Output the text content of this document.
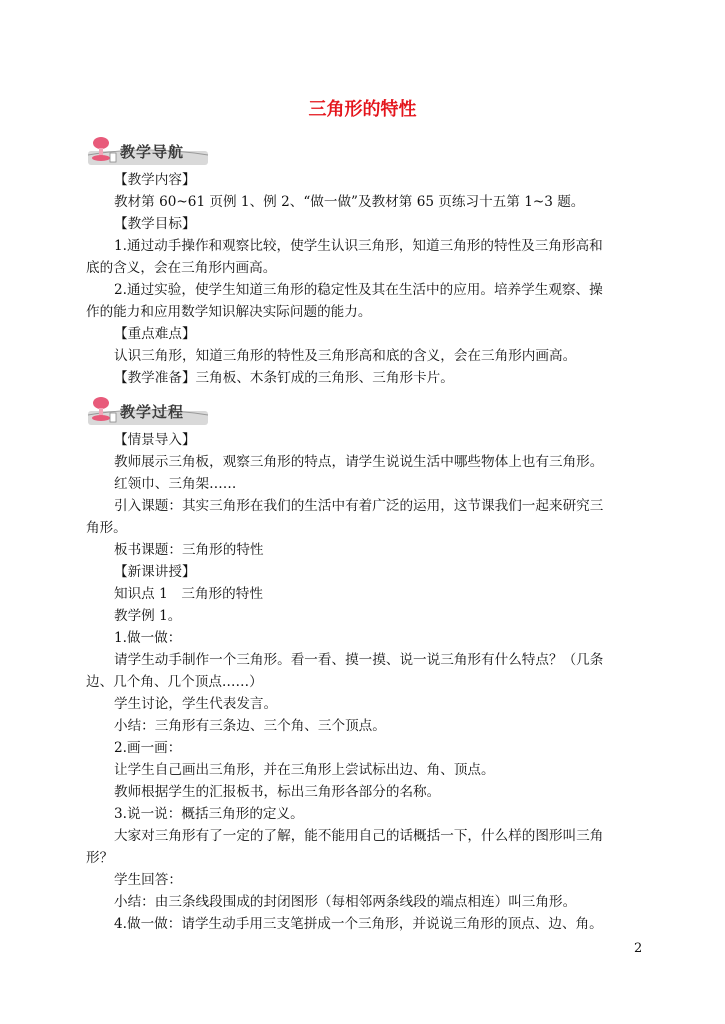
三角形的特性
教学导航
教学过程
【教学内容】
教材第 60~61 页例 1、例 2、“做一做”及教材第 65 页练习十五第 1~3 题。
【教学目标】
1.通过动手操作和观察比较，使学生认识三角形，知道三角形的特性及三角形高和
底的含义，会在三角形内画高。
2.通过实验，使学生知道三角形的稳定性及其在生活中的应用。培养学生观察、操
作的能力和应用数学知识解决实际问题的能力。
【重点难点】
认识三角形，知道三角形的特性及三角形高和底的含义，会在三角形内画高。
【教学准备】三角板、木条钉成的三角形、三角形卡片。
【情景导入】
教师展示三角板，观察三角形的特点，请学生说说生活中哪些物体上也有三角形。
红领巾、三角架……
引入课题：其实三角形在我们的生活中有着广泛的运用，这节课我们一起来研究三
角形。
板书课题：三角形的特性
【新课讲授】
知识点 1　三角形的特性
教学例 1。
1.做一做：
请学生动手制作一个三角形。看一看、摸一摸、说一说三角形有什么特点？（几条
边、几个角、几个顶点……）
学生讨论，学生代表发言。
小结：三角形有三条边、三个角、三个顶点。
2.画一画：
让学生自己画出三角形，并在三角形上尝试标出边、角、顶点。
教师根据学生的汇报板书，标出三角形各部分的名称。
3.说一说：概括三角形的定义。
大家对三角形有了一定的了解，能不能用自己的话概括一下，什么样的图形叫三角
形？
学生回答：
小结：由三条线段围成的封闭图形（每相邻两条线段的端点相连）叫三角形。
4.做一做：请学生动手用三支笔拼成一个三角形，并说说三角形的顶点、边、角。
2
